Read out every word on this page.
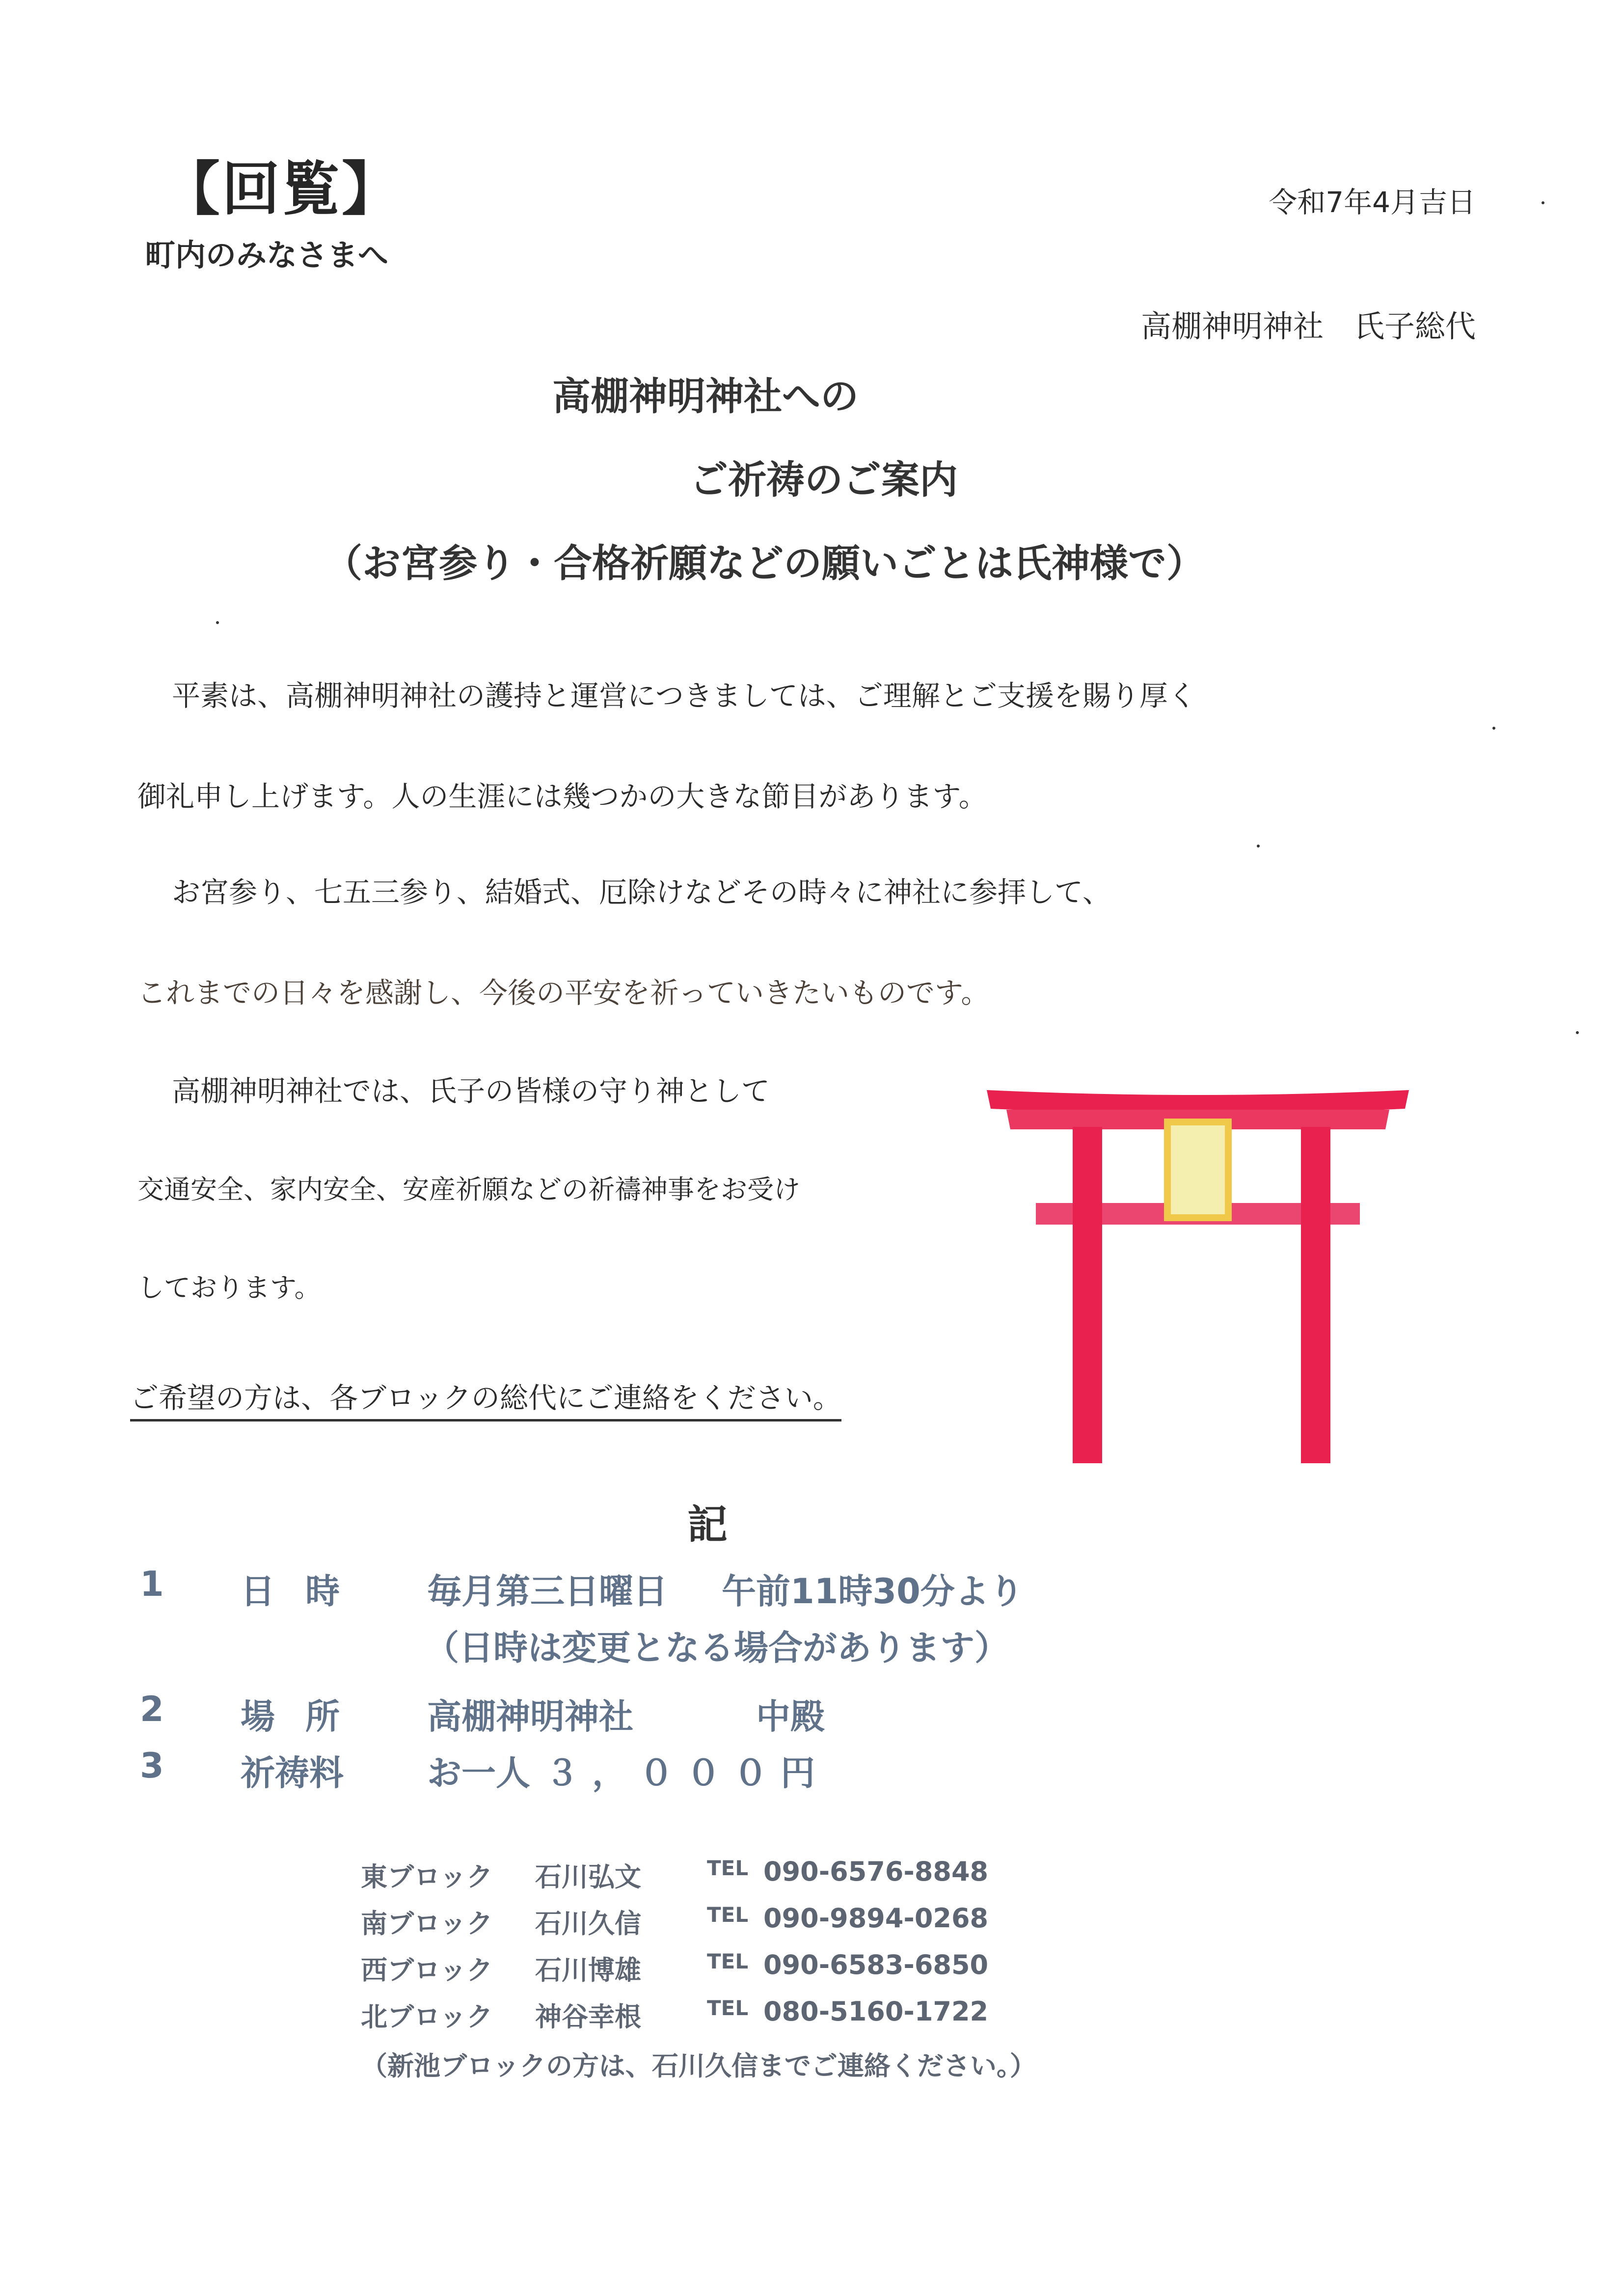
【回覧】	令和7年4月吉日
町内のみなさまへ
高棚神明神社　氏子総代
高棚神明神社への
ご祈祷のご案内
（お宮参り・合格祈願などの願いごとは氏神様で）
平素は、高棚神明神社の護持と運営につきましては、ご理解とご支援を賜り厚く
御礼申し上げます。人の生涯には幾つかの大きな節目があります。
お宮参り、七五三参り、結婚式、厄除けなどその時々に神社に参拝して、
これまでの日々を感謝し、今後の平安を祈っていきたいものです。
高棚神明神社では、氏子の皆様の守り神として
交通安全、家内安全、安産祈願などの祈禱神事をお受け
しております。
ご希望の方は、各ブロックの総代にご連絡をください。
記
1 日時 毎月第三日曜日 午前11時30分より
（日時は変更となる場合があります）
2 場所 高棚神明神社	中殿
3 祈祷料 お一人 ３，０００円
東ブロック 石川弘文	TEL 090-6576-8848
南ブロック 石川久信	TEL 090-9894-0268
西ブロック 石川博雄	TEL 090-6583-6850
北ブロック 神谷幸根	TEL 080-5160-1722
（新池ブロックの方は、石川久信までご連絡ください。）
